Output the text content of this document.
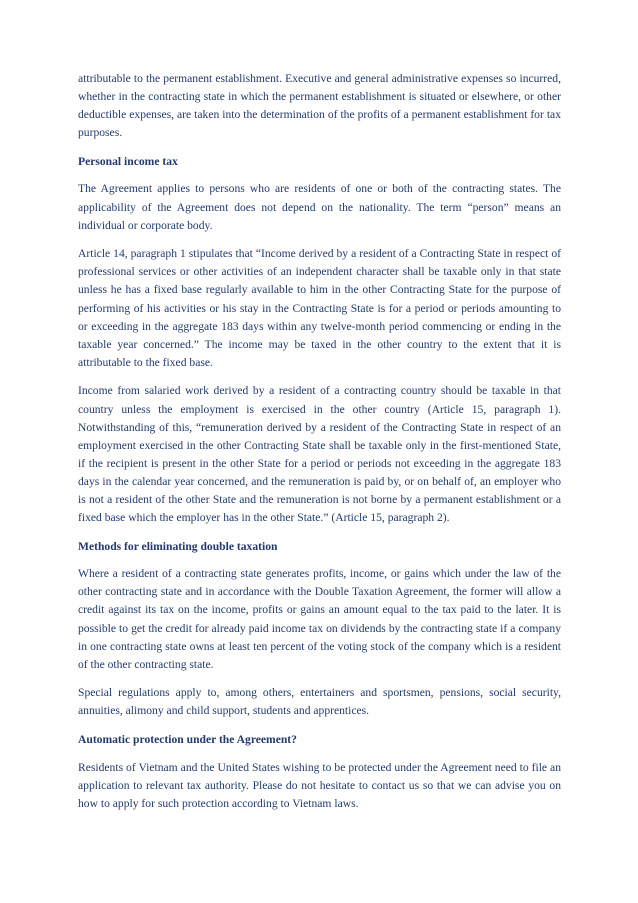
attributable to the permanent establishment. Executive and general administrative expenses so incurred, whether in the contracting state in which the permanent establishment is situated or elsewhere, or other deductible expenses, are taken into the determination of the profits of a permanent establishment for tax purposes.

Personal income tax

The Agreement applies to persons who are residents of one or both of the contracting states. The applicability of the Agreement does not depend on the nationality. The term “person” means an individual or corporate body.

Article 14, paragraph 1 stipulates that “Income derived by a resident of a Contracting State in respect of professional services or other activities of an independent character shall be taxable only in that state unless he has a fixed base regularly available to him in the other Contracting State for the purpose of performing of his activities or his stay in the Contracting State is for a period or periods amounting to or exceeding in the aggregate 183 days within any twelve-month period commencing or ending in the taxable year concerned.” The income may be taxed in the other country to the extent that it is attributable to the fixed base.

Income from salaried work derived by a resident of a contracting country should be taxable in that country unless the employment is exercised in the other country (Article 15, paragraph 1). Notwithstanding of this, “remuneration derived by a resident of the Contracting State in respect of an employment exercised in the other Contracting State shall be taxable only in the first-mentioned State, if the recipient is present in the other State for a period or periods not exceeding in the aggregate 183 days in the calendar year concerned, and the remuneration is paid by, or on behalf of, an employer who is not a resident of the other State and the remuneration is not borne by a permanent establishment or a fixed base which the employer has in the other State.” (Article 15, paragraph 2).

Methods for eliminating double taxation

Where a resident of a contracting state generates profits, income, or gains which under the law of the other contracting state and in accordance with the Double Taxation Agreement, the former will allow a credit against its tax on the income, profits or gains an amount equal to the tax paid to the later. It is possible to get the credit for already paid income tax on dividends by the contracting state if a company in one contracting state owns at least ten percent of the voting stock of the company which is a resident of the other contracting state.

Special regulations apply to, among others, entertainers and sportsmen, pensions, social security, annuities, alimony and child support, students and apprentices.

Automatic protection under the Agreement?

Residents of Vietnam and the United States wishing to be protected under the Agreement need to file an application to relevant tax authority. Please do not hesitate to contact us so that we can advise you on how to apply for such protection according to Vietnam laws.
